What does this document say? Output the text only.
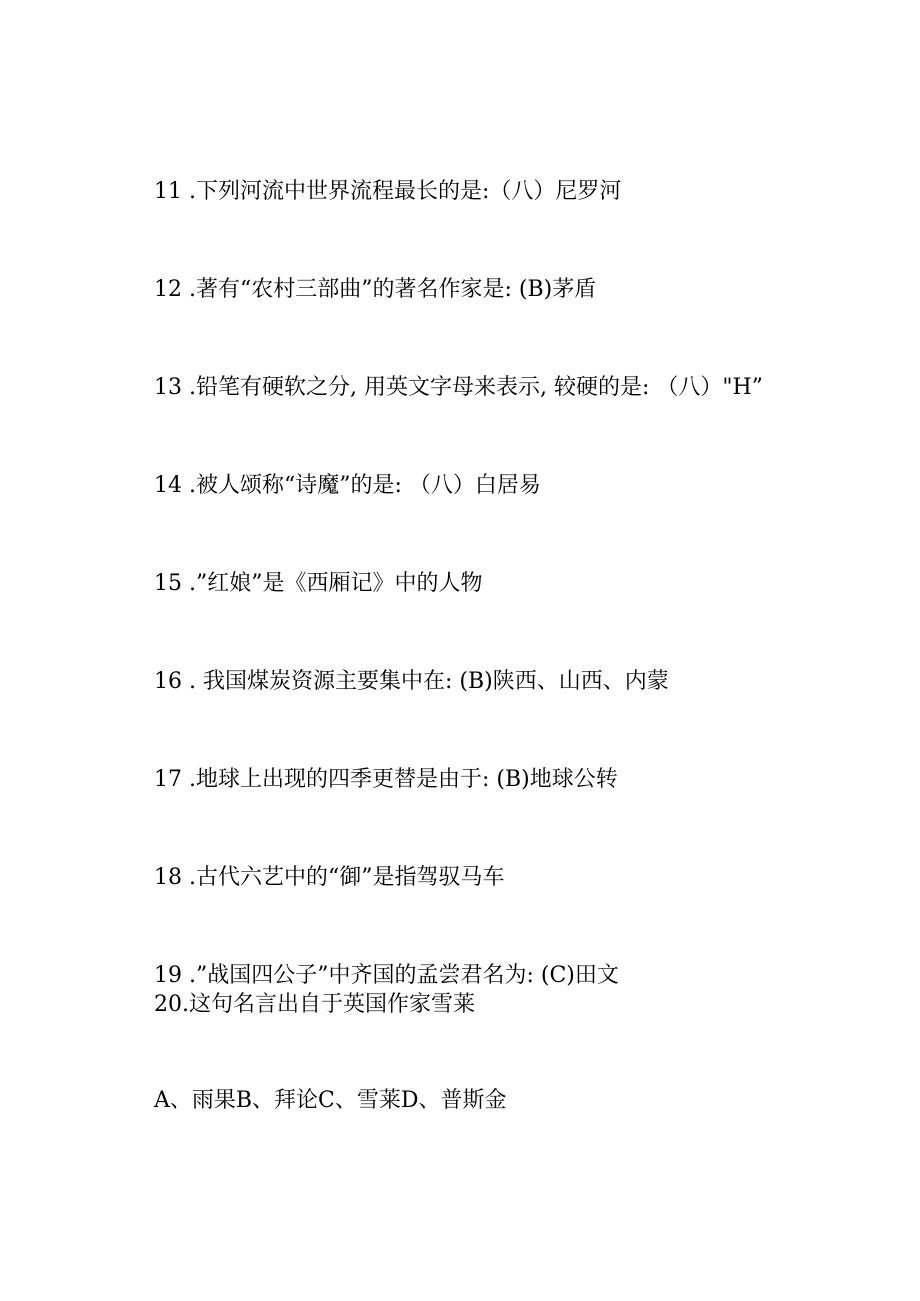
11 .下列河流中世界流程最长的是:（八）尼罗河
12 .著有“农村三部曲”的著名作家是: (B)茅盾
13 .铅笔有硬软之分, 用英文字母来表示, 较硬的是: （八）"H”
14 .被人颂称“诗魔”的是: （八）白居易
15 .”红娘”是《西厢记》中的人物
16 . 我国煤炭资源主要集中在: (B)陕西、山西、内蒙
17 .地球上出现的四季更替是由于: (B)地球公转
18 .古代六艺中的“御”是指驾驭马车
19 .”战国四公子”中齐国的孟尝君名为: (C)田文
20.这句名言出自于英国作家雪莱
A、雨果B、拜论C、雪莱D、普斯金
